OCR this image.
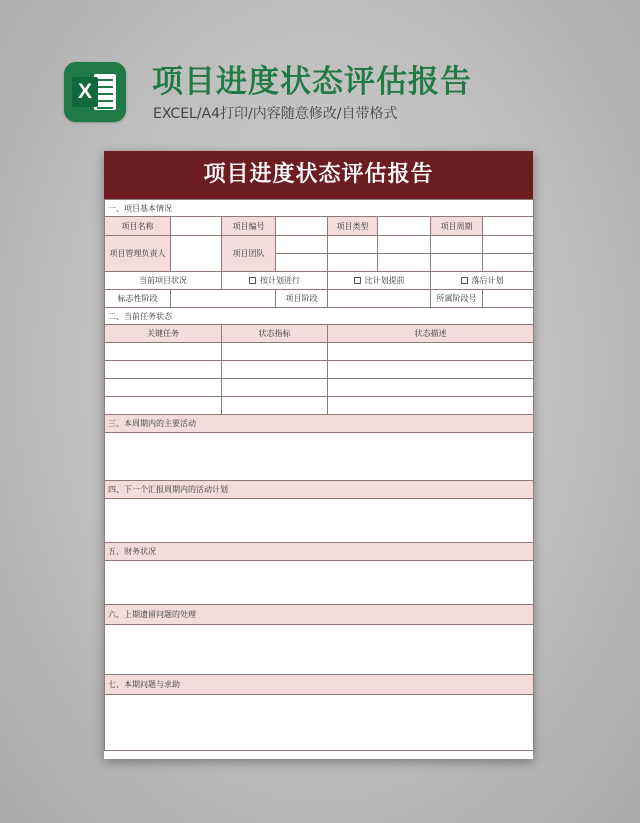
X 项目进度状态评估报告
EXCEL/A4打印/内容随意修改/自带格式
项目进度状态评估报告
一、项目基本情况							
项目名称		项目编号		项目类型		项目周期	
项目管理负责人		项目团队					

当前项目状况		按计划进行		比计划提前		落后计划	
标志性阶段			项目阶段			所属阶段号	
二、当前任务状态							
关键任务		状态指标		状态描述			

三、本周期内的主要活动							

四、下一个汇报周期内的活动计划							

五、财务状况							

六、上期遗留问题的处理							

七、本期问题与求助							
